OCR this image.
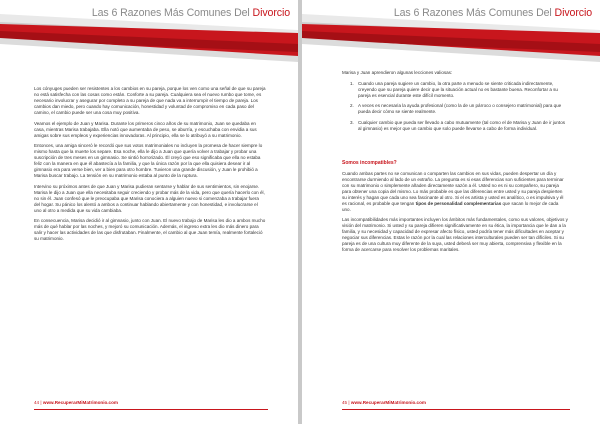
Las 6 Razones Más Comunes Del Divorcio

Los cónyuges pueden ser resistentes a los cambios en su pareja, porque los ven como una señal de que su pareja no está satisfecha con las cosas como están. Conforte a su pareja. Cualquiera sea el nuevo rumbo que tome, es necesario involucrar y asegurar por completo a su pareja de que nada va a interrumpir el tiempo de pareja. Los cambios dan miedo, pero cuando hay comunicación, honestidad y voluntad de compromiso en cada paso del camino, el cambio puede ser una cosa muy positiva.

Veamos el ejemplo de Juan y Marisa. Durante los primeros cinco años de su matrimonio, Juan se quedaba en casa, mientras Marisa trabajaba. Ella notó que aumentaba de peso, se aburría, y escuchaba con envidia a sus amigas sobre sus empleos y experiencias innovadoras. Al principio, ella se lo atribuyó a su matrimonio.

Entonces, una amiga sinceró le recordó que sus votos matrimoniales no incluyen la promesa de hacer siempre lo mismo hasta que la muerte los separe. Esa noche, ella le dijo a Juan que quería volver a trabajar y probar una suscripción de tres meses en un gimnasio. Se sintió horrorizado. Él creyó que eso significaba que ella no estaba feliz con la manera en que él abastecía a la familia, y que la única razón por la que ella quisiera desear ir al gimnasio era para verse bien, ver a bien para otro hombre. Tuvieron una grande discusión, y Juan le prohibió a Marisa buscar trabajo. La tensión en su matrimonio estaba al punto de la ruptura.

Intervino su próximos antes de que Juan y Marisa pudieran sentarse y hablar de sus sentimientos, sin enojarse. Marisa le dijo a Juan que ella necesitaba seguir creciendo y probar más de la vida, pero que quería hacerlo con él, no sin él. Juan confesó que le preocupaba que Marisa conociera a alguien nuevo si comenzaba a trabajar fuera del hogar. Su pánico los alentó a ambos a continuar hablando abiertamente y con honestidad, e involucrarse el uno al otro a medida que su vida cambiaba.

En consecuencia, Marisa decidió ir al gimnasio, junto con Juan. El nuevo trabajo de Marisa les dio a ambos mucho más de qué hablar por las noches, y mejoró su comunicación. Además, el ingreso extra les dio más dinero para salir y hacer las actividades de las que disfrutaban. Finalmente, el cambio al que Juan temía, realmente fortaleció su matrimonio.

44 | www.RecuperarMiMatrimonio.com
Las 6 Razones Más Comunes Del Divorcio

Marisa y Juan aprendieron algunas lecciones valiosas:

1. Cuando una pareja sugiere un cambio, la otra parte a menudo se siente criticada indirectamente, creyendo que su pareja quiere decir que la situación actual no es bastante buena. Reconfortar a su pareja es esencial durante este difícil momento.
2. A veces es necesaria la ayuda profesional (como la de un párroco o consejero matrimonial) para que pueda decir cómo se siente realmente.
3. Cualquier cambio que pueda ser llevado a cabo mutuamente (tal como el de Marisa y Juan de ir juntos al gimnasio) es mejor que un cambio que solo puede llevarse a cabo de forma individual.
Somos incompatibles?

Cuando ambas partes no se comunican o comparten las cambios en sus vidas, pueden despertar un día y encontrarse durmiendo al lado de un extraño. La pregunta es si esas diferencias son suficientes para terminar con su matrimonio o simplemente añaden directamente sazón a él. Usted no es ni su compañero, su pareja para obtener una copia del mismo. Lo más probable es que las diferencias entre usted y su pareja despierten su interés y hagan que cada uno sea fascinante al otro. Si el es artista y usted es analítico, o es impulsiva y él es racional, es probable que tengan tipos de personalidad complementarias que sacan lo mejor de cada uno.

Las incompatibilidades más importantes incluyen los ámbitos más fundamentales, como sus valores, objetivos y visión del matrimonio. Si usted y su pareja difieren significativamente en su ética, la importancia que le dan a la familia, y su necesidad y capacidad de expresar afecto físico, usted podría tener más dificultades en aceptar y negociar sus diferencias. Estas le razón por la cual las relaciones interculturales pueden ser tan difíciles. Si su pareja es de una cultura muy diferente de la suya, usted deberá ser muy abierta, comprensiva y flexible en la forma de acercarse para resolver los problemas maritales.

45 | www.RecuperarMiMatrimonio.com
